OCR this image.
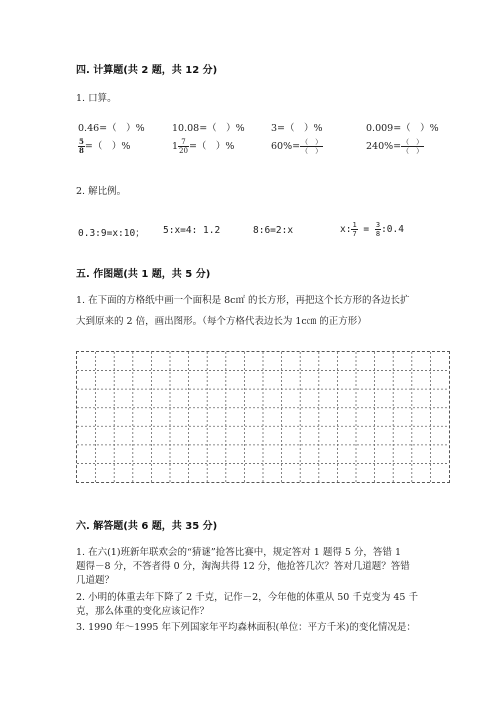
四. 计算题(共 2 题，共 12 分)
1. 口算。
0.46=（　）%	10.08=（　）%	3=（　）%	0.009=（　）%
$\frac{5}{8}$ =（　）%	$1 \frac{7}{20}$ =（　）%	$60\%= \frac{( )}{( )}$	$240\%= \frac{( )}{( )}$
2. 解比例。
0.3:9=x:10； 5:x=4: 1.2	8:6=2:x	x: $\frac{1}{7} = \frac{3}{8}$ :0.4
五. 作图题(共 1 题，共 5 分)
1. 在下面的方格纸中画一个面积是 8c㎡ 的长方形，再把这个长方形的各边长扩
大到原来的 2 倍，画出图形。（每个方格代表边长为 1c㎝ 的正方形）
六. 解答题(共 6 题，共 35 分)
1. 在六(1)班新年联欢会的“猜谜”抢答比赛中，规定答对 1 题得 5 分，答错 1
题得－8 分，不答者得 0 分，淘淘共得 12 分，他抢答几次？答对几道题？答错
几道题？
2. 小明的体重去年下降了 2 千克，记作－2，今年他的体重从 50 千克变为 45 千
克，那么体重的变化应该记作？
3. 1990 年～1995 年下列国家年平均森林面积(单位：平方千米)的变化情况是：
